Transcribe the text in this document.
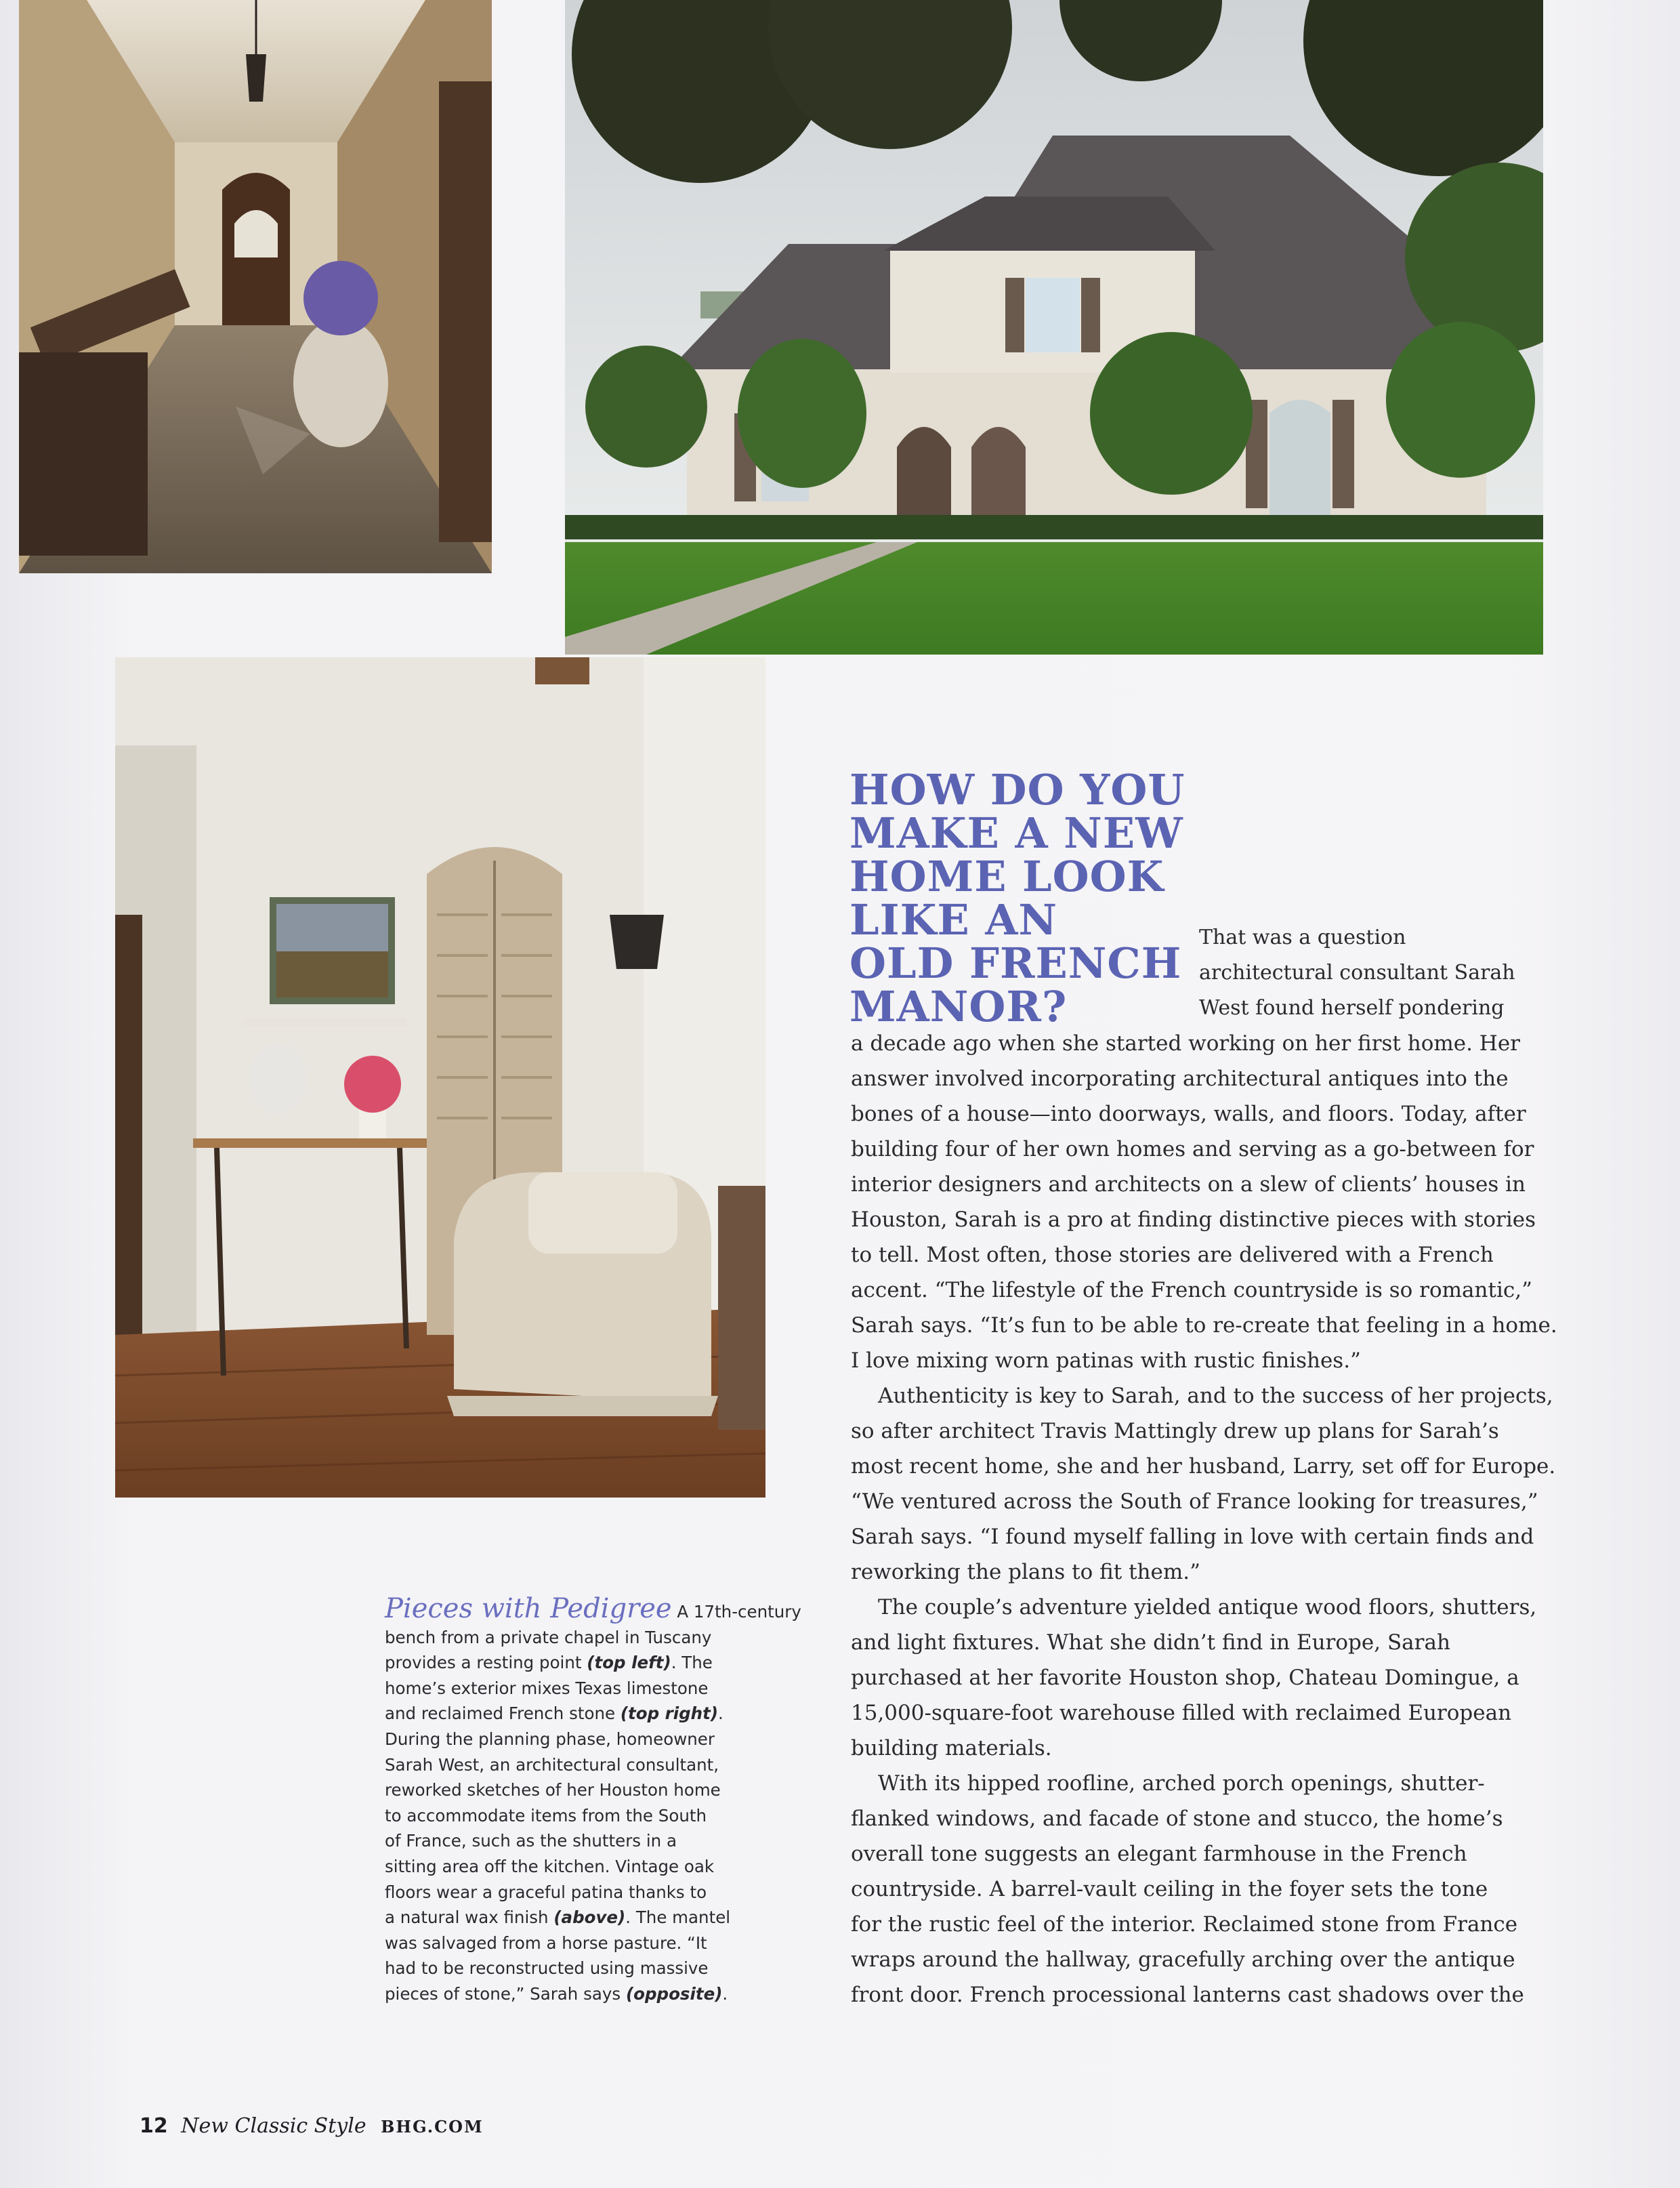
HOW DO YOU
MAKE A NEW
HOME LOOK
LIKE AN
OLD FRENCH
MANOR?

That was a question
architectural consultant Sarah
West found herself pondering

a decade ago when she started working on her first home. Her
answer involved incorporating architectural antiques into the
bones of a house—into doorways, walls, and floors. Today, after
building four of her own homes and serving as a go-between for
interior designers and architects on a slew of clients’ houses in
Houston, Sarah is a pro at finding distinctive pieces with stories
to tell. Most often, those stories are delivered with a French
accent. “The lifestyle of the French countryside is so romantic,”
Sarah says. “It’s fun to be able to re-create that feeling in a home.
I love mixing worn patinas with rustic finishes.”
Authenticity is key to Sarah, and to the success of her projects,
so after architect Travis Mattingly drew up plans for Sarah’s
most recent home, she and her husband, Larry, set off for Europe.
“We ventured across the South of France looking for treasures,”
Sarah says. “I found myself falling in love with certain finds and
reworking the plans to fit them.”
The couple’s adventure yielded antique wood floors, shutters,
and light fixtures. What she didn’t find in Europe, Sarah
purchased at her favorite Houston shop, Chateau Domingue, a
15,000-square-foot warehouse filled with reclaimed European
building materials.
With its hipped roofline, arched porch openings, shutter-
flanked windows, and facade of stone and stucco, the home’s
overall tone suggests an elegant farmhouse in the French
countryside. A barrel-vault ceiling in the foyer sets the tone
for the rustic feel of the interior. Reclaimed stone from France
wraps around the hallway, gracefully arching over the antique
front door. French processional lanterns cast shadows over the
Pieces with Pedigree A 17th-century
bench from a private chapel in Tuscany
provides a resting point (top left). The
home’s exterior mixes Texas limestone
and reclaimed French stone (top right).
During the planning phase, homeowner
Sarah West, an architectural consultant,
reworked sketches of her Houston home
to accommodate items from the South
of France, such as the shutters in a
sitting area off the kitchen. Vintage oak
floors wear a graceful patina thanks to
a natural wax finish (above). The mantel
was salvaged from a horse pasture. “It
had to be reconstructed using massive
pieces of stone,” Sarah says (opposite).
12 New Classic Style BHG.COM
